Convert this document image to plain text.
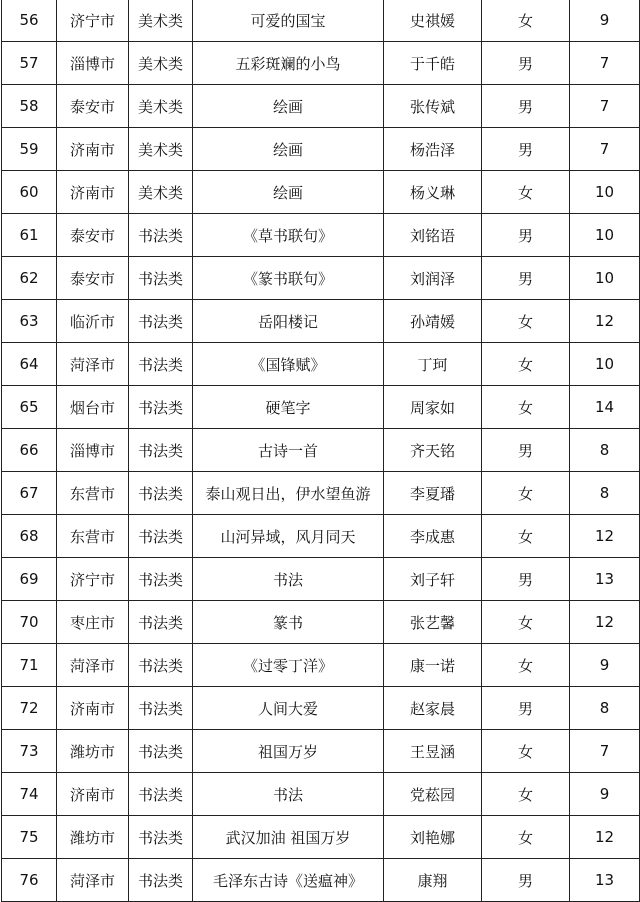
56	济宁市	美术类	可爱的国宝	史祺媛	女	9
57	淄博市	美术类	五彩斑斓的小鸟	于千皓	男	7
58	泰安市	美术类	绘画	张传斌	男	7
59	济南市	美术类	绘画	杨浩泽	男	7
60	济南市	美术类	绘画	杨义琳	女	10
61	泰安市	书法类	《草书联句》	刘铭语	男	10
62	泰安市	书法类	《篆书联句》	刘润泽	男	10
63	临沂市	书法类	岳阳楼记	孙靖媛	女	12
64	菏泽市	书法类	《国锋赋》	丁珂	女	10
65	烟台市	书法类	硬笔字	周家如	女	14
66	淄博市	书法类	古诗一首	齐天铭	男	8
67	东营市	书法类	泰山观日出，伊水望鱼游	李夏璠	女	8
68	东营市	书法类	山河异域，风月同天	李成惠	女	12
69	济宁市	书法类	书法	刘子轩	男	13
70	枣庄市	书法类	篆书	张艺馨	女	12
71	菏泽市	书法类	《过零丁洋》	康一诺	女	9
72	济南市	书法类	人间大爱	赵家晨	男	8
73	潍坊市	书法类	祖国万岁	王昱涵	女	7
74	济南市	书法类	书法	党菘园	女	9
75	潍坊市	书法类	武汉加油 祖国万岁	刘艳娜	女	12
76	菏泽市	书法类	毛泽东古诗《送瘟神》	康翔	男	13
